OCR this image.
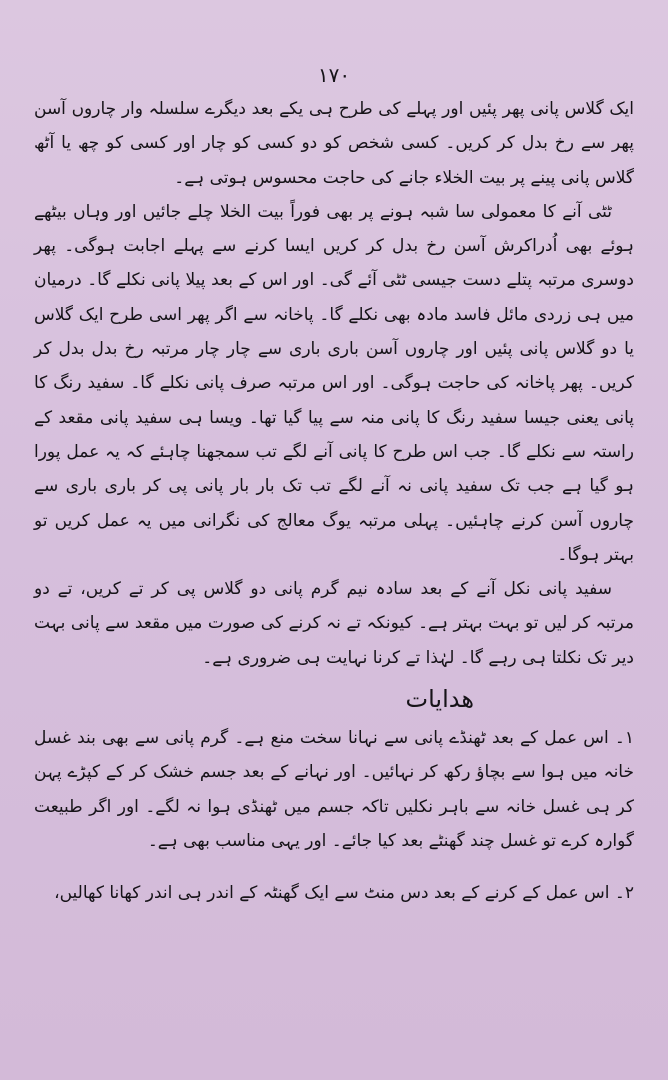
١٧٠

ایک گلاس پانی پھر پئیں اور پہلے کی طرح ہی یکے بعد دیگرے سلسلہ وار چاروں آسن پھر سے رخ بدل کر کریں۔ کسی شخص کو دو کسی کو چار اور کسی کو چھ یا آٹھ گلاس پانی پینے پر بیت الخلاء جانے کی حاجت محسوس ہوتی ہے۔

ٹٹی آنے کا معمولی سا شبہ ہونے پر بھی فوراً بیت الخلا چلے جائیں اور وہاں بیٹھے ہوئے بھی اُدراکرش آسن رخ بدل کر کریں ایسا کرنے سے پہلے اجابت ہوگی۔ پھر دوسری مرتبہ پتلے دست جیسی ٹٹی آئے گی۔ اور اس کے بعد پیلا پانی نکلے گا۔ درمیان میں ہی زردی مائل فاسد مادہ بھی نکلے گا۔ پاخانہ سے اگر پھر اسی طرح ایک گلاس یا دو گلاس پانی پئیں اور چاروں آسن باری باری سے چار چار مرتبہ رخ بدل بدل کر کریں۔ پھر پاخانہ کی حاجت ہوگی۔ اور اس مرتبہ صرف پانی نکلے گا۔ سفید رنگ کا پانی یعنی جیسا سفید رنگ کا پانی منہ سے پیا گیا تھا۔ ویسا ہی سفید پانی مقعد کے راستہ سے نکلے گا۔ جب اس طرح کا پانی آنے لگے تب سمجھنا چاہئے کہ یہ عمل پورا ہو گیا ہے جب تک سفید پانی نہ آنے لگے تب تک بار بار پانی پی کر باری باری سے چاروں آسن کرنے چاہئیں۔ پہلی مرتبہ یوگ معالج کی نگرانی میں یہ عمل کریں تو بہتر ہوگا۔

سفید پانی نکل آنے کے بعد سادہ نیم گرم پانی دو گلاس پی کر تے کریں، تے دو مرتبہ کر لیں تو بہت بہتر ہے۔ کیونکہ تے نہ کرنے کی صورت میں مقعد سے پانی بہت دیر تک نکلتا ہی رہے گا۔ لہٰذا تے کرنا نہایت ہی ضروری ہے۔

ھدایات

۱۔ اس عمل کے بعد ٹھنڈے پانی سے نہانا سخت منع ہے۔ گرم پانی سے بھی بند غسل خانہ میں ہوا سے بچاؤ رکھ کر نہائیں۔ اور نہانے کے بعد جسم خشک کر کے کپڑے پہن کر ہی غسل خانہ سے باہر نکلیں تاکہ جسم میں ٹھنڈی ہوا نہ لگے۔ اور اگر طبیعت گوارہ کرے تو غسل چند گھنٹے بعد کیا جائے۔ اور یہی مناسب بھی ہے۔

۲۔ اس عمل کے کرنے کے بعد دس منٹ سے ایک گھنٹہ کے اندر ہی اندر کھانا کھالیں،
